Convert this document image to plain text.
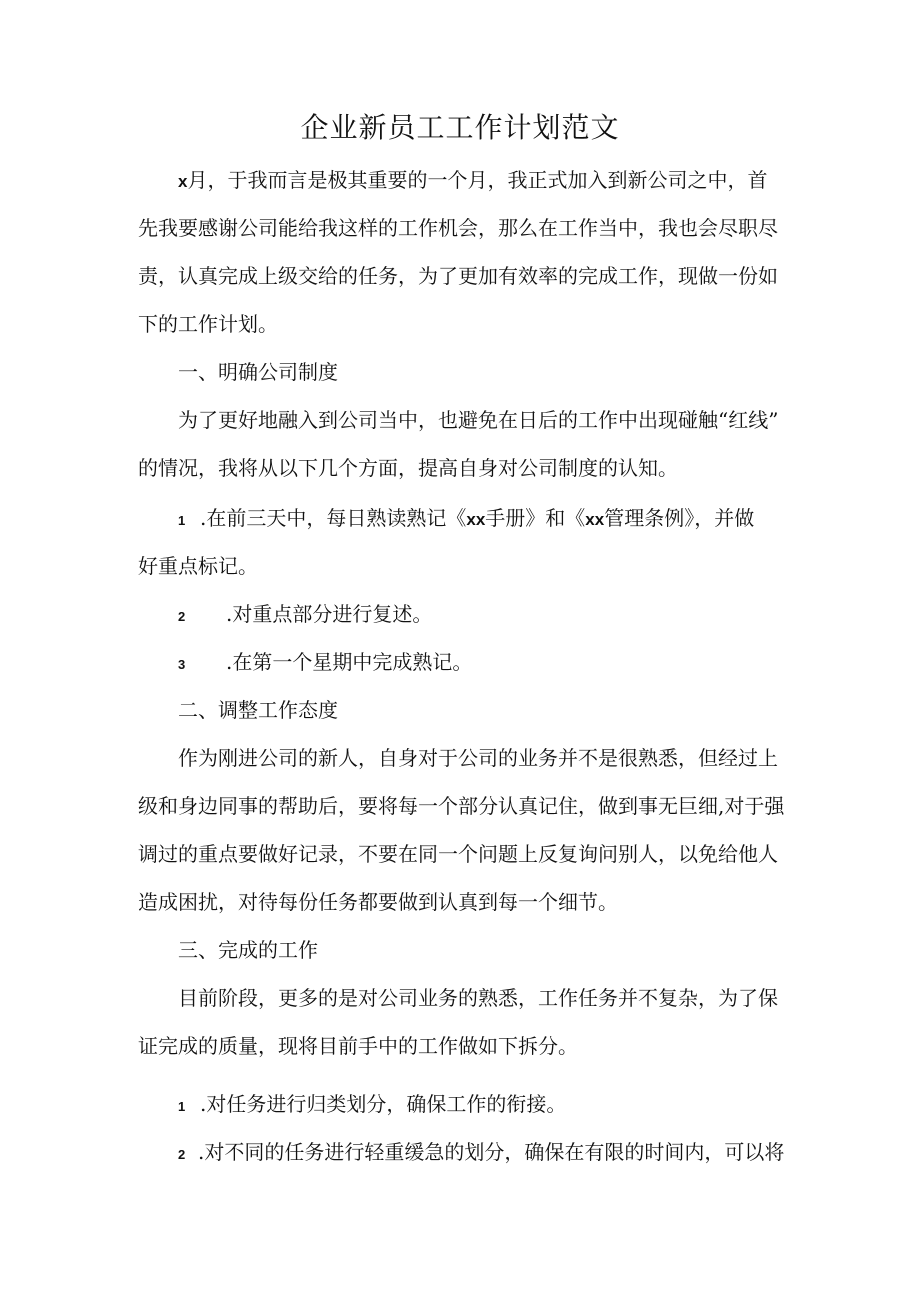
企业新员工工作计划范文
x月，于我而言是极其重要的一个月，我正式加入到新公司之中，首
先我要感谢公司能给我这样的工作机会，那么在工作当中，我也会尽职尽
责，认真完成上级交给的任务，为了更加有效率的完成工作，现做一份如
下的工作计划。
一、明确公司制度
为了更好地融入到公司当中，也避免在日后的工作中出现碰触“红线”
的情况，我将从以下几个方面，提高自身对公司制度的认知。
1 .在前三天中，每日熟读熟记《xx手册》和《xx管理条例》，并做
好重点标记。
2 .对重点部分进行复述。
3 .在第一个星期中完成熟记。
二、调整工作态度
作为刚进公司的新人，自身对于公司的业务并不是很熟悉，但经过上
级和身边同事的帮助后，要将每一个部分认真记住，做到事无巨细,对于强
调过的重点要做好记录，不要在同一个问题上反复询问别人，以免给他人
造成困扰，对待每份任务都要做到认真到每一个细节。
三、完成的工作
目前阶段，更多的是对公司业务的熟悉，工作任务并不复杂，为了保
证完成的质量，现将目前手中的工作做如下拆分。
1 .对任务进行归类划分，确保工作的衔接。
2 .对不同的任务进行轻重缓急的划分，确保在有限的时间内，可以将
